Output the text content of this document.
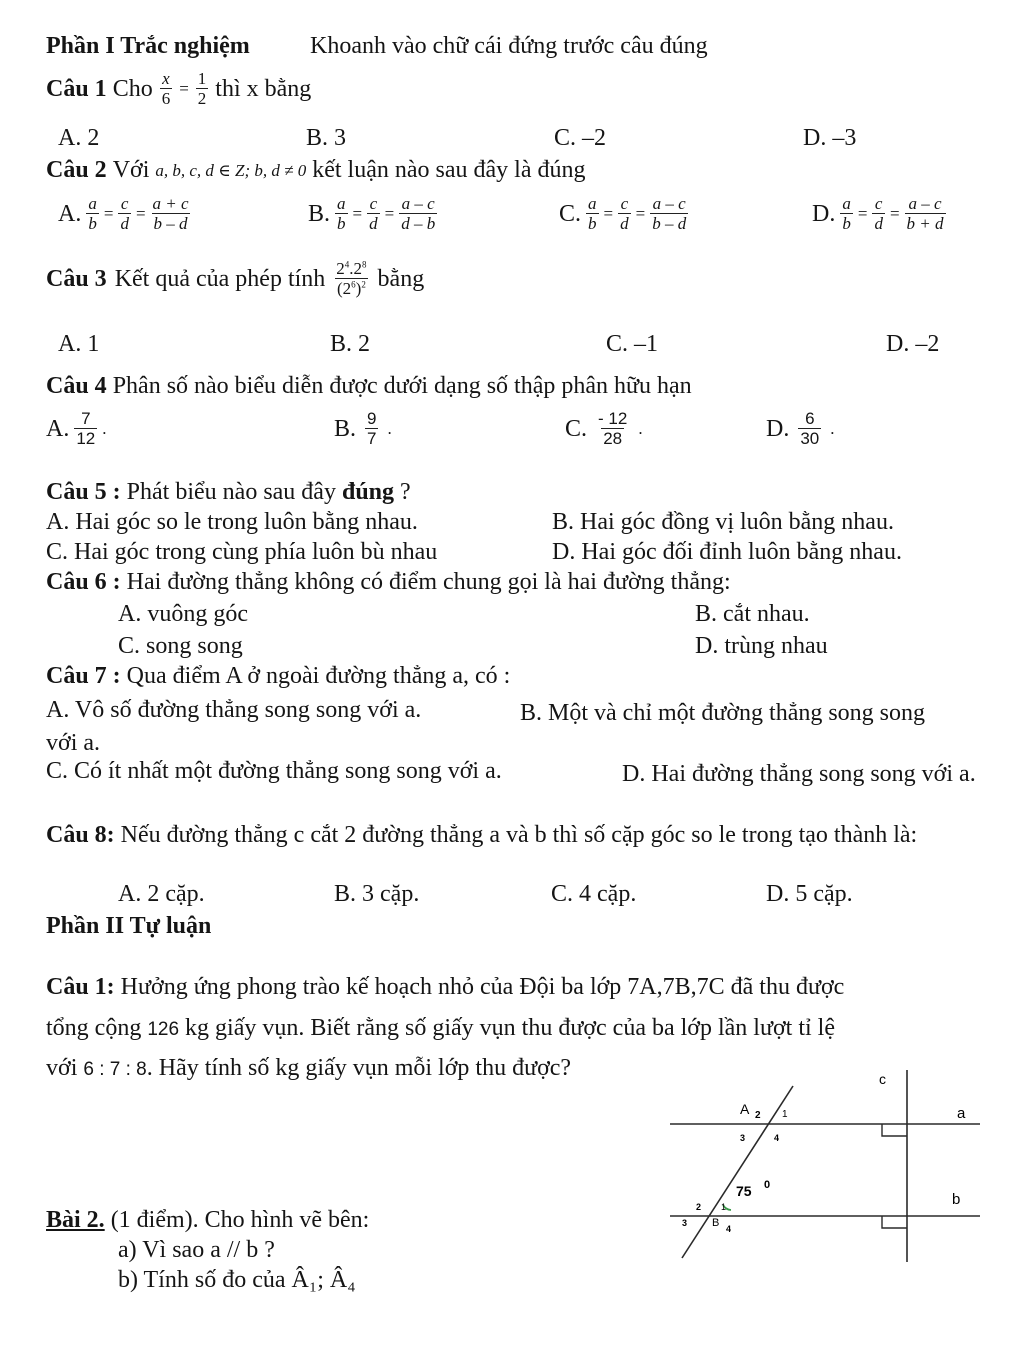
Phần I Trắc nghiệm	Khoanh vào chữ cái đứng trước câu đúng
Câu 1 Cho $\frac{x}{6} = \frac{1}{2}$ thì x bằng
A. 2	B. 3	C. –2	D. –3
Câu 2 Với a, b, c, d ∈ Z; b, d ≠ 0 kết luận nào sau đây là đúng
A. $\frac{a}{b} = \frac{c}{d} = \frac{a + c}{b - d}$	B. $\frac{a}{b} = \frac{c}{d} = \frac{a - c}{d - b}$	C. $\frac{a}{b} = \frac{c}{d} = \frac{a - c}{b - d}$	D. $\frac{a}{b} = \frac{c}{d} = \frac{a - c}{b + d}$
Câu 3 Kết quả của phép tính $\frac{2^4.2^8}{(2^6)^2}$ bằng
A. 1	B. 2	C. –1	D. –2
Câu 4 Phân số nào biểu diễn được dưới dạng số thập phân hữu hạn
A. $\frac{7}{12}$ .	B. $\frac{9}{7}$ .	C. $\frac{- 12}{28}$ .	D. $\frac{6}{30}$ .
Câu 5 : Phát biểu nào sau đây đúng ?
A. Hai góc so le trong luôn bằng nhau.	B. Hai góc đồng vị luôn bằng nhau.
C. Hai góc trong cùng phía luôn bù nhau	D. Hai góc đối đỉnh luôn bằng nhau.
Câu 6 : Hai đường thẳng không có điểm chung gọi là hai đường thẳng:
A. vuông góc	B. cắt nhau.
C. song song	D. trùng nhau
Câu 7 : Qua điểm A ở ngoài đường thẳng a, có :
A. Vô số đường thẳng song song với a.	B. Một và chỉ một đường thẳng song song với a.
C. Có ít nhất một đường thẳng song song với a.	D. Hai đường thẳng song song với a.
Câu 8: Nếu đường thẳng c cắt 2 đường thẳng a và b thì số cặp góc so le trong tạo thành là:
A. 2 cặp.	B. 3 cặp.	C. 4 cặp.	D. 5 cặp.
Phần II Tự luận
Câu 1: Hưởng ứng phong trào kế hoạch nhỏ của Đội ba lớp 7A,7B,7C đã thu được
tổng cộng 126 kg giấy vụn. Biết rằng số giấy vụn thu được của ba lớp lần lượt tỉ lệ
với 6 : 7 : 8. Hãy tính số kg giấy vụn mỗi lớp thu được?
Bài 2. (1 điểm). Cho hình vẽ bên:
a) Vì sao a // b ?
b) Tính số đo của Â₁; Â₄
c
a
b
A 2 1
3	4
75 0
2 1
3 B 4
